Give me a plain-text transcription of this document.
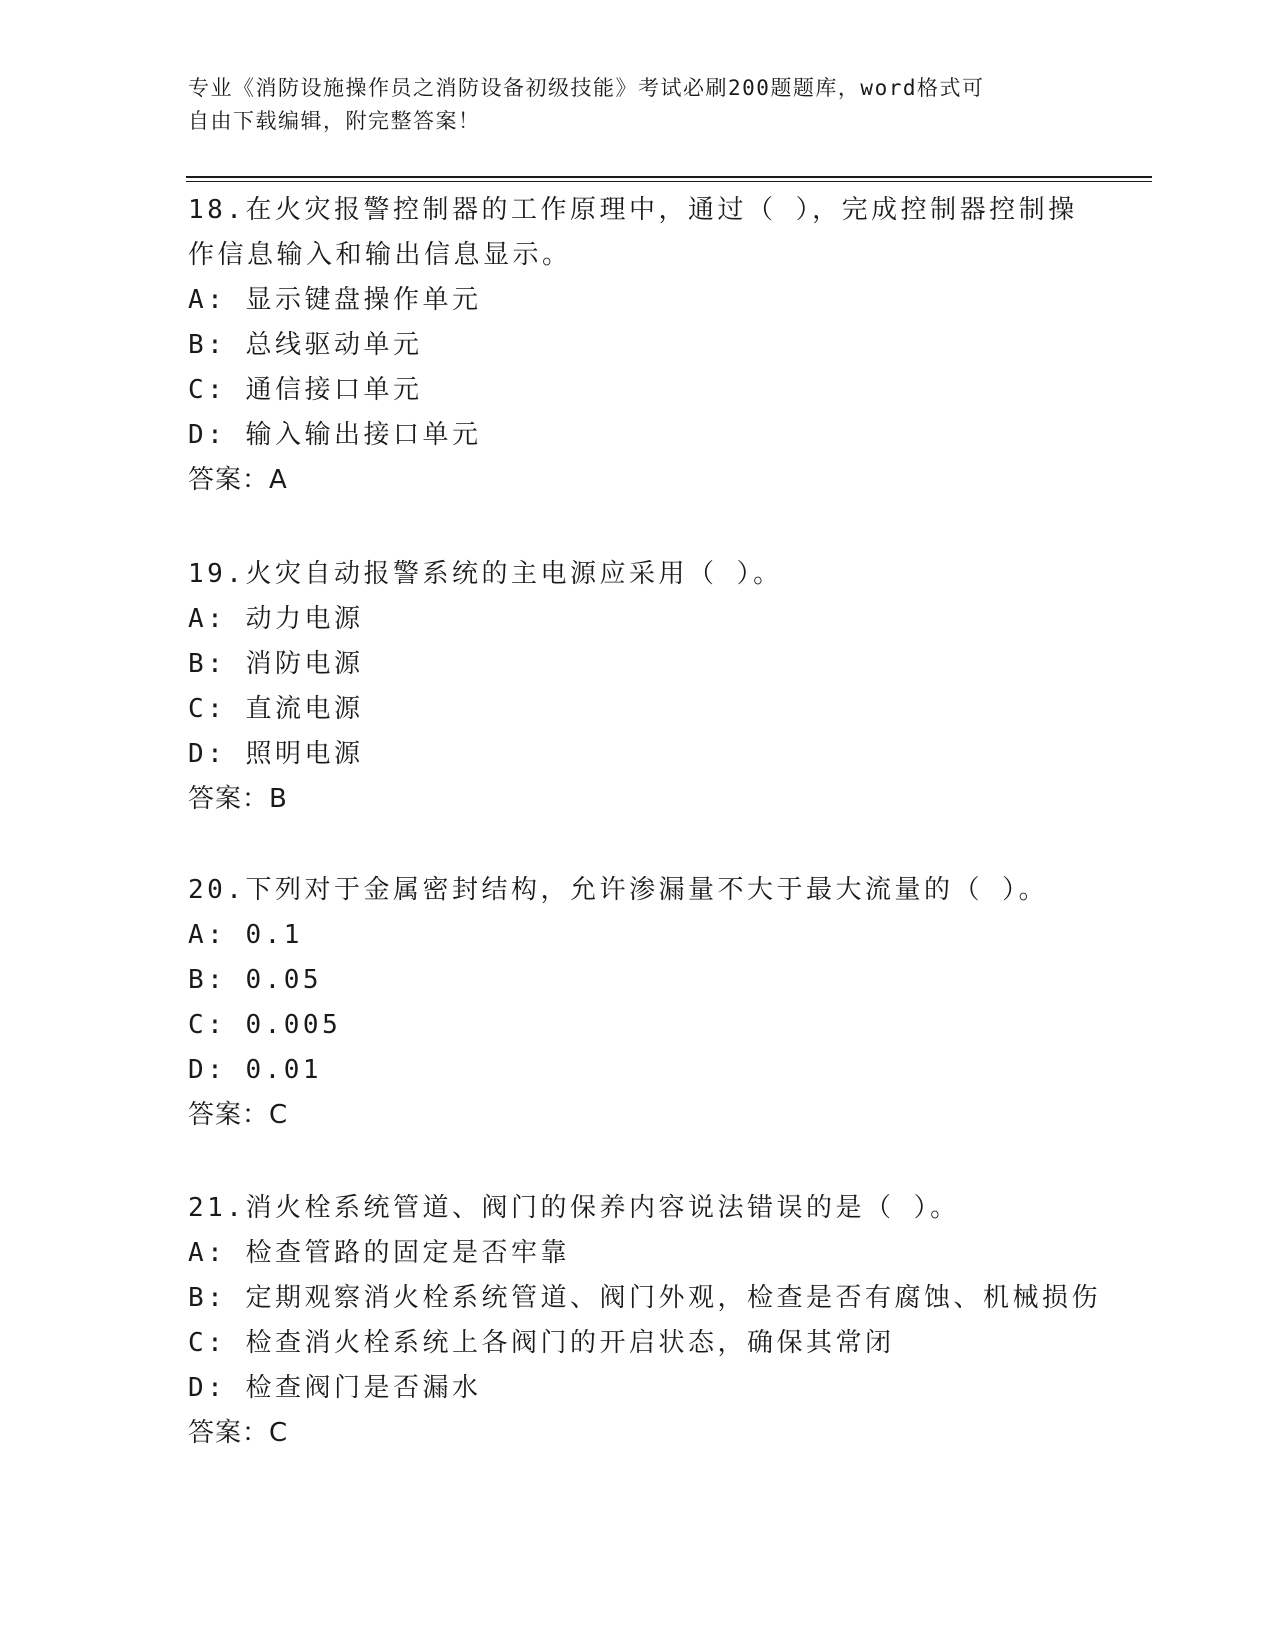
专业《消防设施操作员之消防设备初级技能》考试必刷200题题库，word格式可
自由下载编辑，附完整答案！
18.在火灾报警控制器的工作原理中，通过（ ），完成控制器控制操
作信息输入和输出信息显示。
A: 显示键盘操作单元
B: 总线驱动单元
C: 通信接口单元
D: 输入输出接口单元
答案：A
19.火灾自动报警系统的主电源应采用（ ）。
A: 动力电源
B: 消防电源
C: 直流电源
D: 照明电源
答案：B
20.下列对于金属密封结构，允许渗漏量不大于最大流量的（ ）。
A: 0.1
B: 0.05
C: 0.005
D: 0.01
答案：C
21.消火栓系统管道、阀门的保养内容说法错误的是（ ）。
A: 检查管路的固定是否牢靠
B: 定期观察消火栓系统管道、阀门外观，检查是否有腐蚀、机械损伤
C: 检查消火栓系统上各阀门的开启状态，确保其常闭
D: 检查阀门是否漏水
答案：C
